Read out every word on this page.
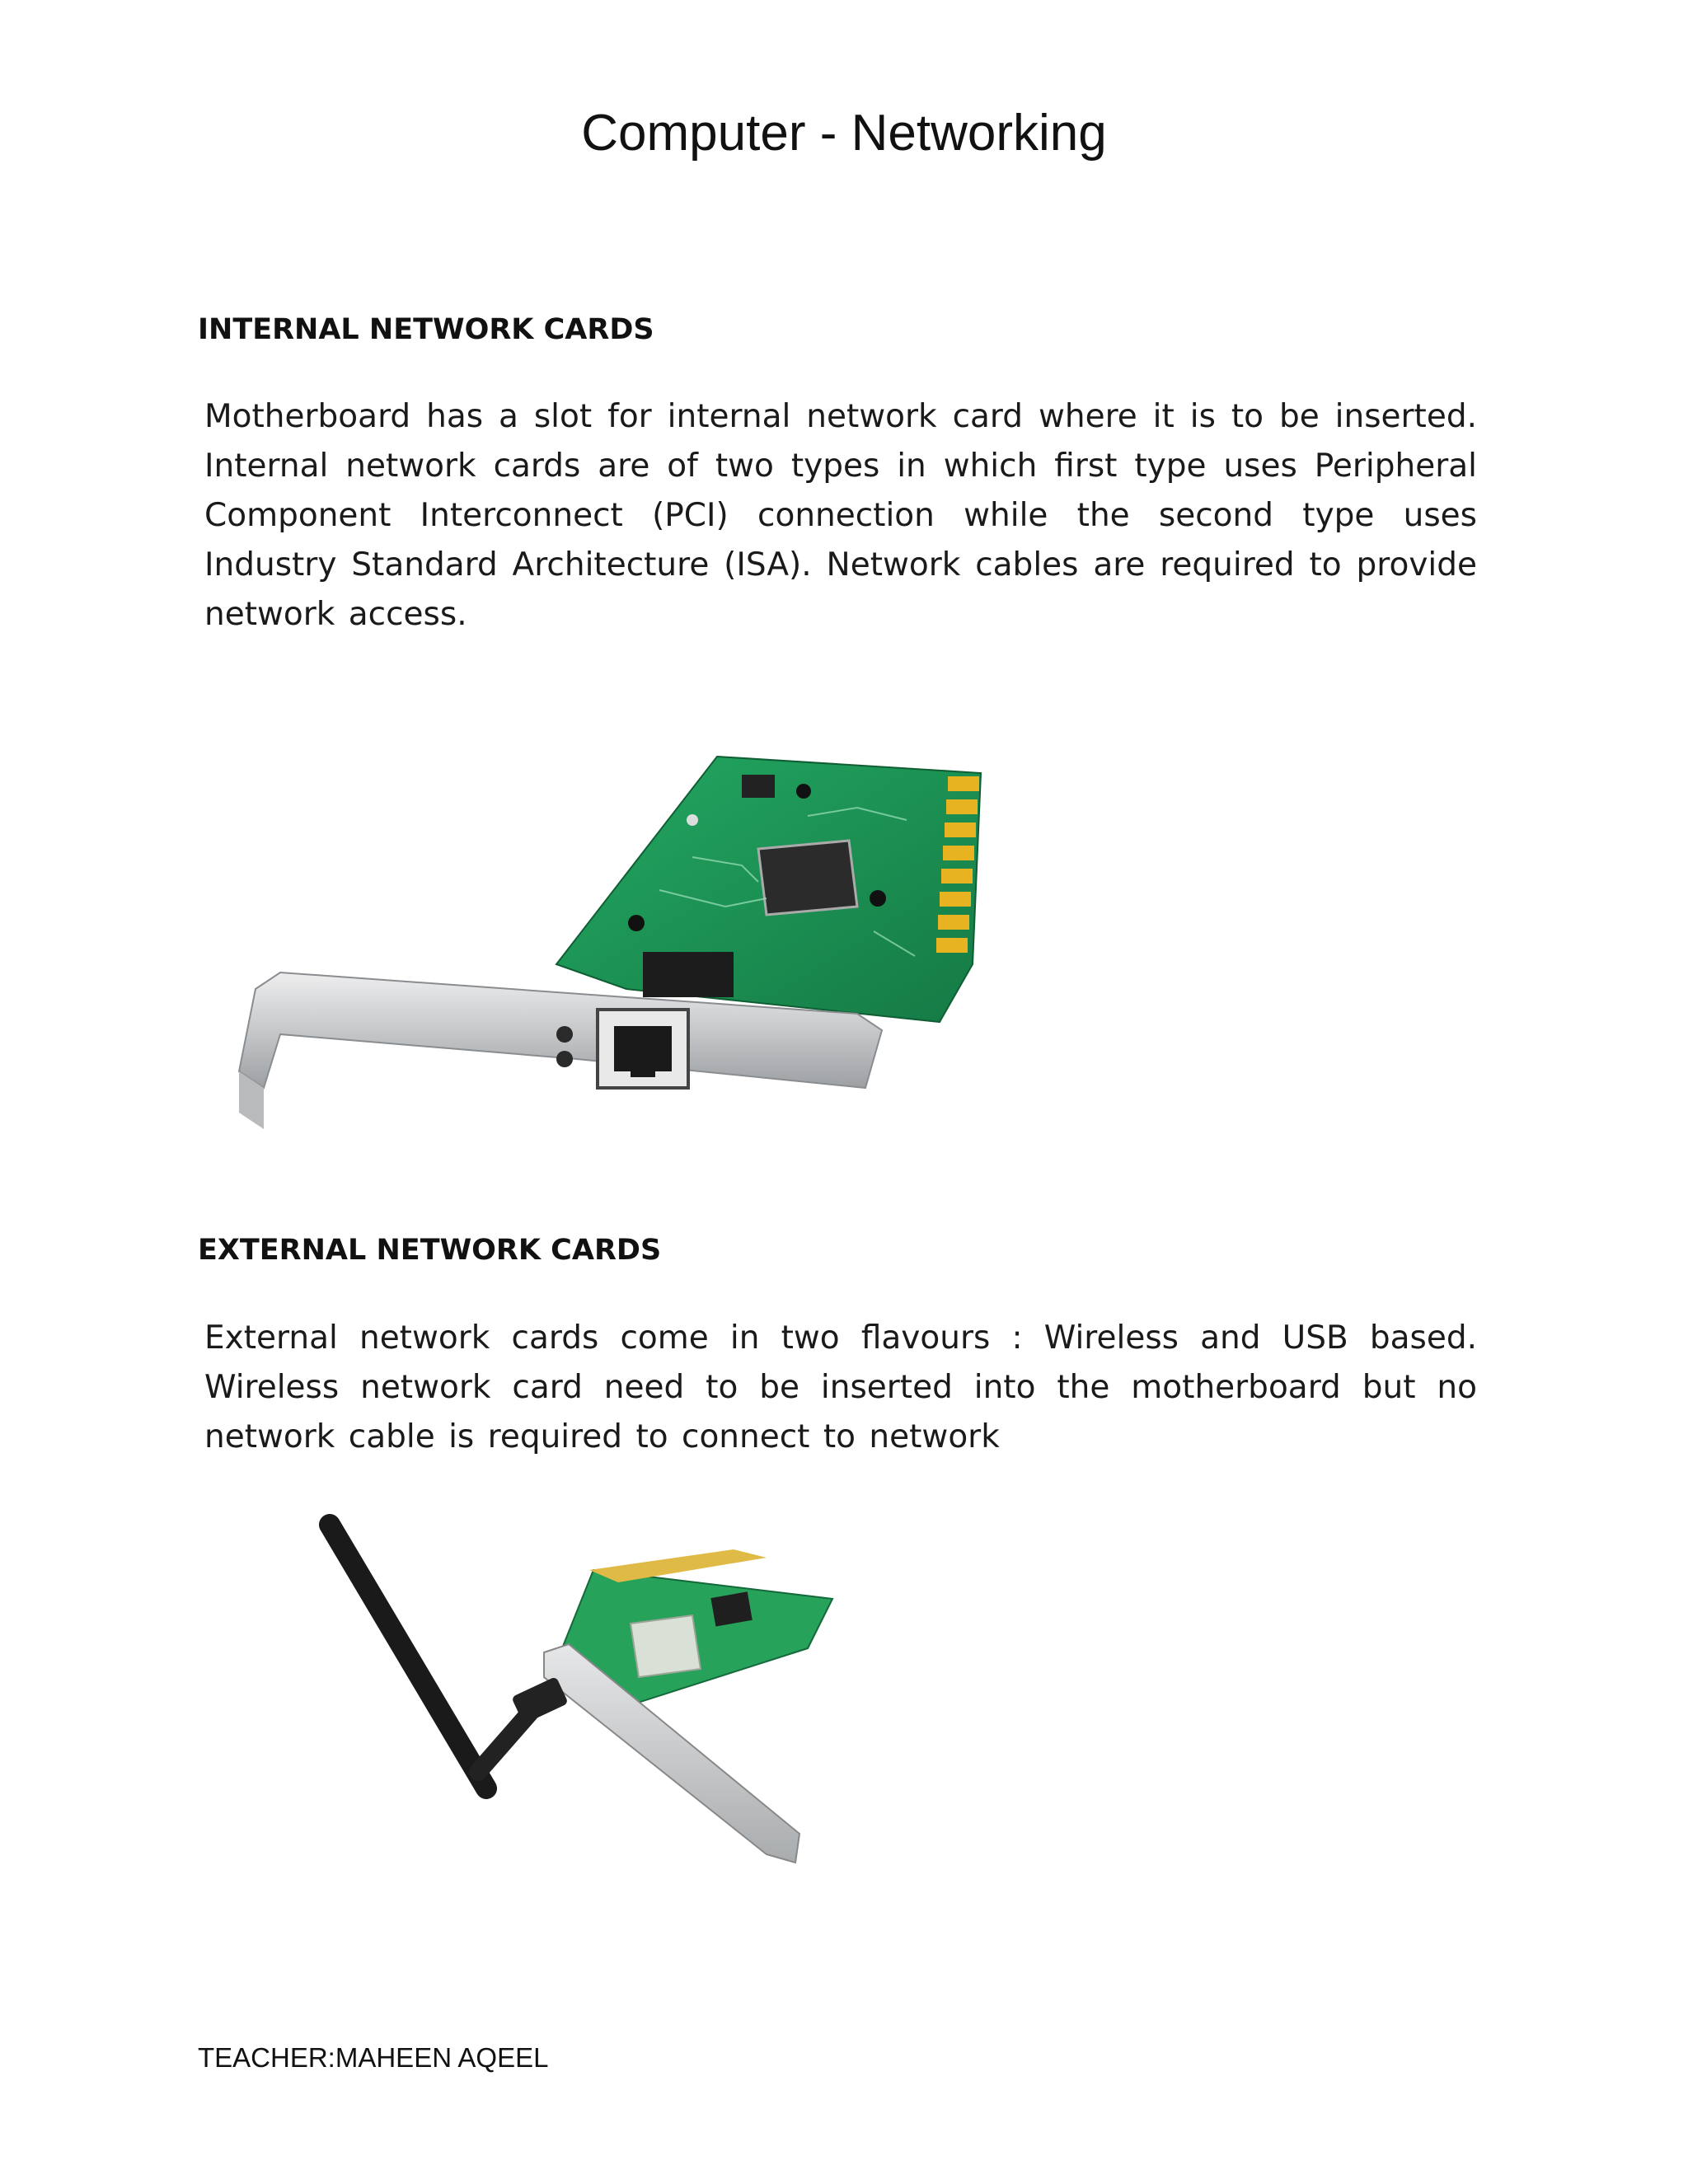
Computer - Networking
INTERNAL NETWORK CARDS
Motherboard has a slot for internal network card where it is to be inserted. Internal network cards are of two types in which first type uses Peripheral Component Interconnect (PCI) connection while the second type uses Industry Standard Architecture (ISA). Network cables are required to provide network access.
EXTERNAL NETWORK CARDS
External network cards come in two flavours : Wireless and USB based. Wireless network card need to be inserted into the motherboard but no network cable is required to connect to network
TEACHER:MAHEEN AQEEL
